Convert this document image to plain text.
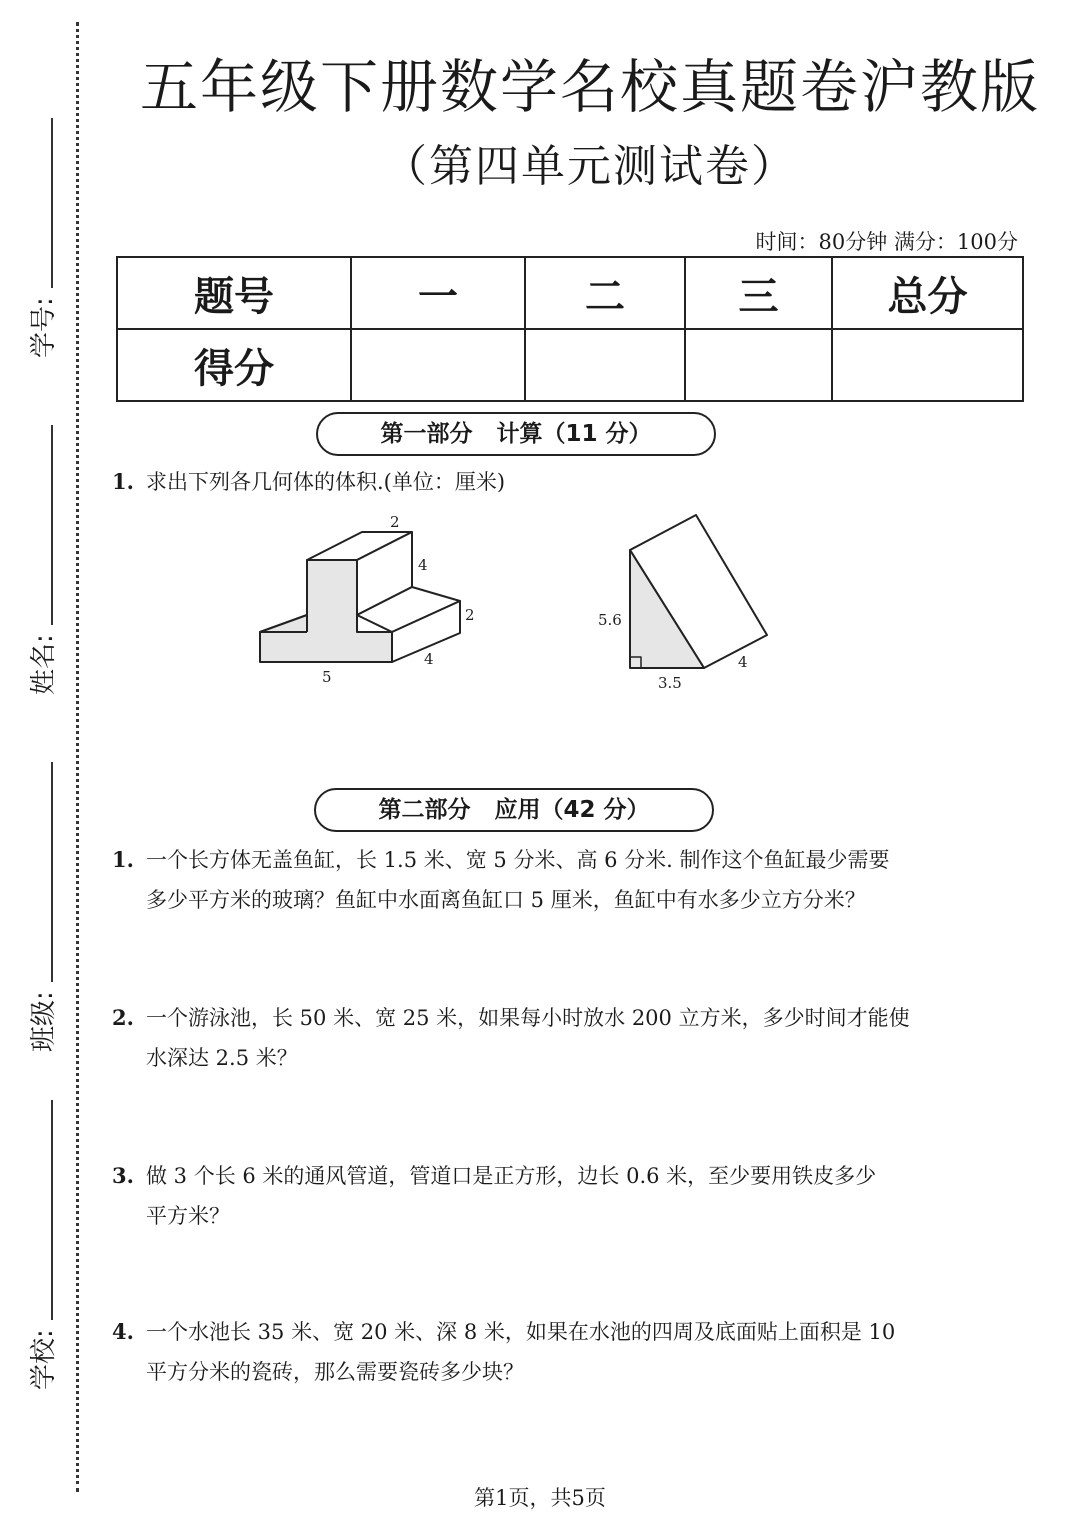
学号:
姓名:
班级:
学校:
五年级下册数学名校真题卷沪教版
（第四单元测试卷）
时间：80分钟 满分：100分
题号	一	二	三	总分
得分				
第一部分   计算（11 分）
1. 求出下列各几何体的体积.(单位：厘米)
2
4
2
4
5
5.6
3.5
4
第二部分   应用（42 分）
1. 一个长方体无盖鱼缸，长 1.5 米、宽 5 分米、高 6 分米. 制作这个鱼缸最少需要
多少平方米的玻璃？鱼缸中水面离鱼缸口 5 厘米，鱼缸中有水多少立方分米？
2. 一个游泳池，长 50 米、宽 25 米，如果每小时放水 200 立方米，多少时间才能使
水深达 2.5 米？
3. 做 3 个长 6 米的通风管道，管道口是正方形，边长 0.6 米，至少要用铁皮多少
平方米？
4. 一个水池长 35 米、宽 20 米、深 8 米，如果在水池的四周及底面贴上面积是 10
平方分米的瓷砖，那么需要瓷砖多少块？
第1页，共5页
